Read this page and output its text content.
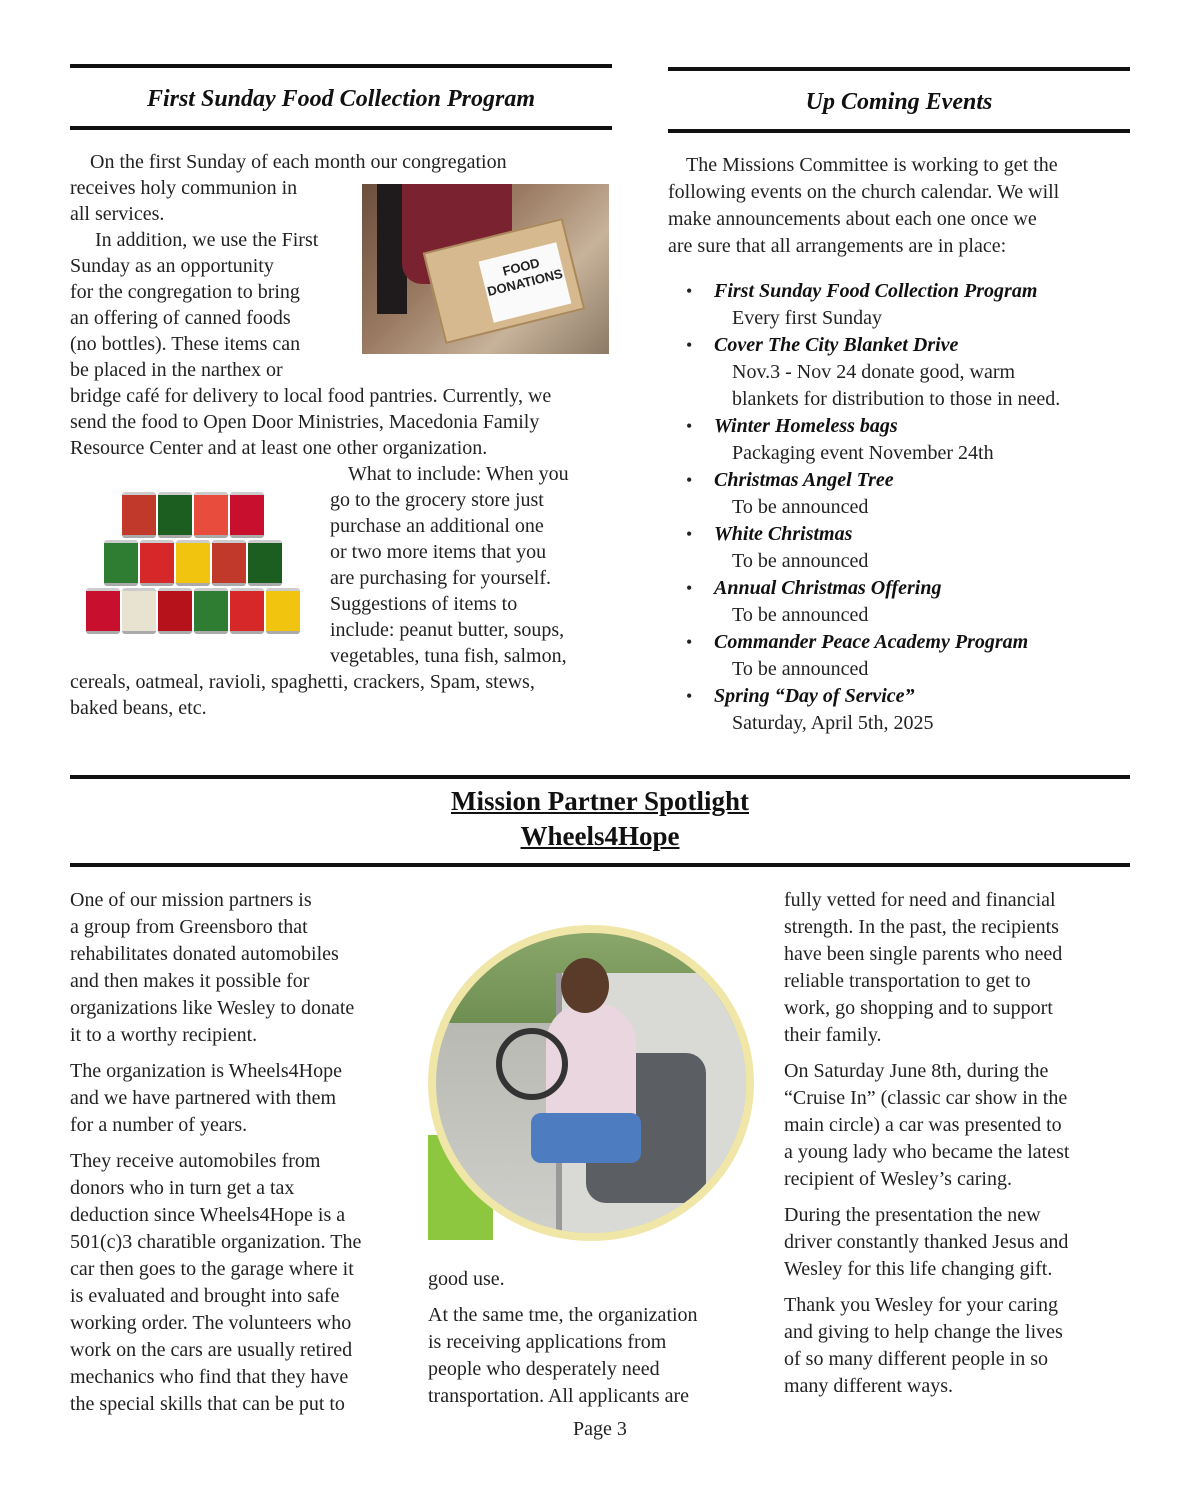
First Sunday Food Collection Program
On the first Sunday of each month our congregation
receives holy communion in
all services.
In addition, we use the First
Sunday as an opportunity
for the congregation to bring
an offering of canned foods
(no bottles). These items can
be placed in the narthex or
bridge café for delivery to local food pantries. Currently, we
send the food to Open Door Ministries, Macedonia Family
Resource Center and at least one other organization.
What to include: When you
go to the grocery store just
purchase an additional one
or two more items that you
are purchasing for yourself.
Suggestions of items to
include: peanut butter, soups,
vegetables, tuna fish, salmon,
cereals, oatmeal, ravioli, spaghetti, crackers, Spam, stews,
baked beans, etc.
FOOD DONATIONS
Up Coming Events
The Missions Committee is working to get the
following events on the church calendar. We will
make announcements about each one once we
are sure that all arrangements are in place:
•	First Sunday Food Collection Program
Every first Sunday
•	Cover The City Blanket Drive
Nov.3 - Nov 24 donate good, warm
blankets for distribution to those in need.
•	Winter Homeless bags
Packaging event November 24th
•	Christmas Angel Tree
To be announced
•	White Christmas
To be announced
•	Annual Christmas Offering
To be announced
•	Commander Peace Academy Program
To be announced
•	Spring “Day of Service”
Saturday, April 5th, 2025
Mission Partner Spotlight
Wheels4Hope
One of our mission partners is
a group from Greensboro that
rehabilitates donated automobiles
and then makes it possible for
organizations like Wesley to donate
it to a worthy recipient.
The organization is Wheels4Hope
and we have partnered with them
for a number of years.
They receive automobiles from
donors who in turn get a tax
deduction since Wheels4Hope is a
501(c)3 charatible organization. The
car then goes to the garage where it
is evaluated and brought into safe
working order. The volunteers who
work on the cars are usually retired
mechanics who find that they have
the special skills that can be put to
good use.
At the same tme, the organization
is receiving applications from
people who desperately need
transportation. All applicants are
fully vetted for need and financial
strength. In the past, the recipients
have been single parents who need
reliable transportation to get to
work, go shopping and to support
their family.
On Saturday June 8th, during the
“Cruise In” (classic car show in the
main circle) a car was presented to
a young lady who became the latest
recipient of Wesley’s caring.
During the presentation the new
driver constantly thanked Jesus and
Wesley for this life changing gift.
Thank you Wesley for your caring
and giving to help change the lives
of so many different people in so
many different ways.
Page 3
